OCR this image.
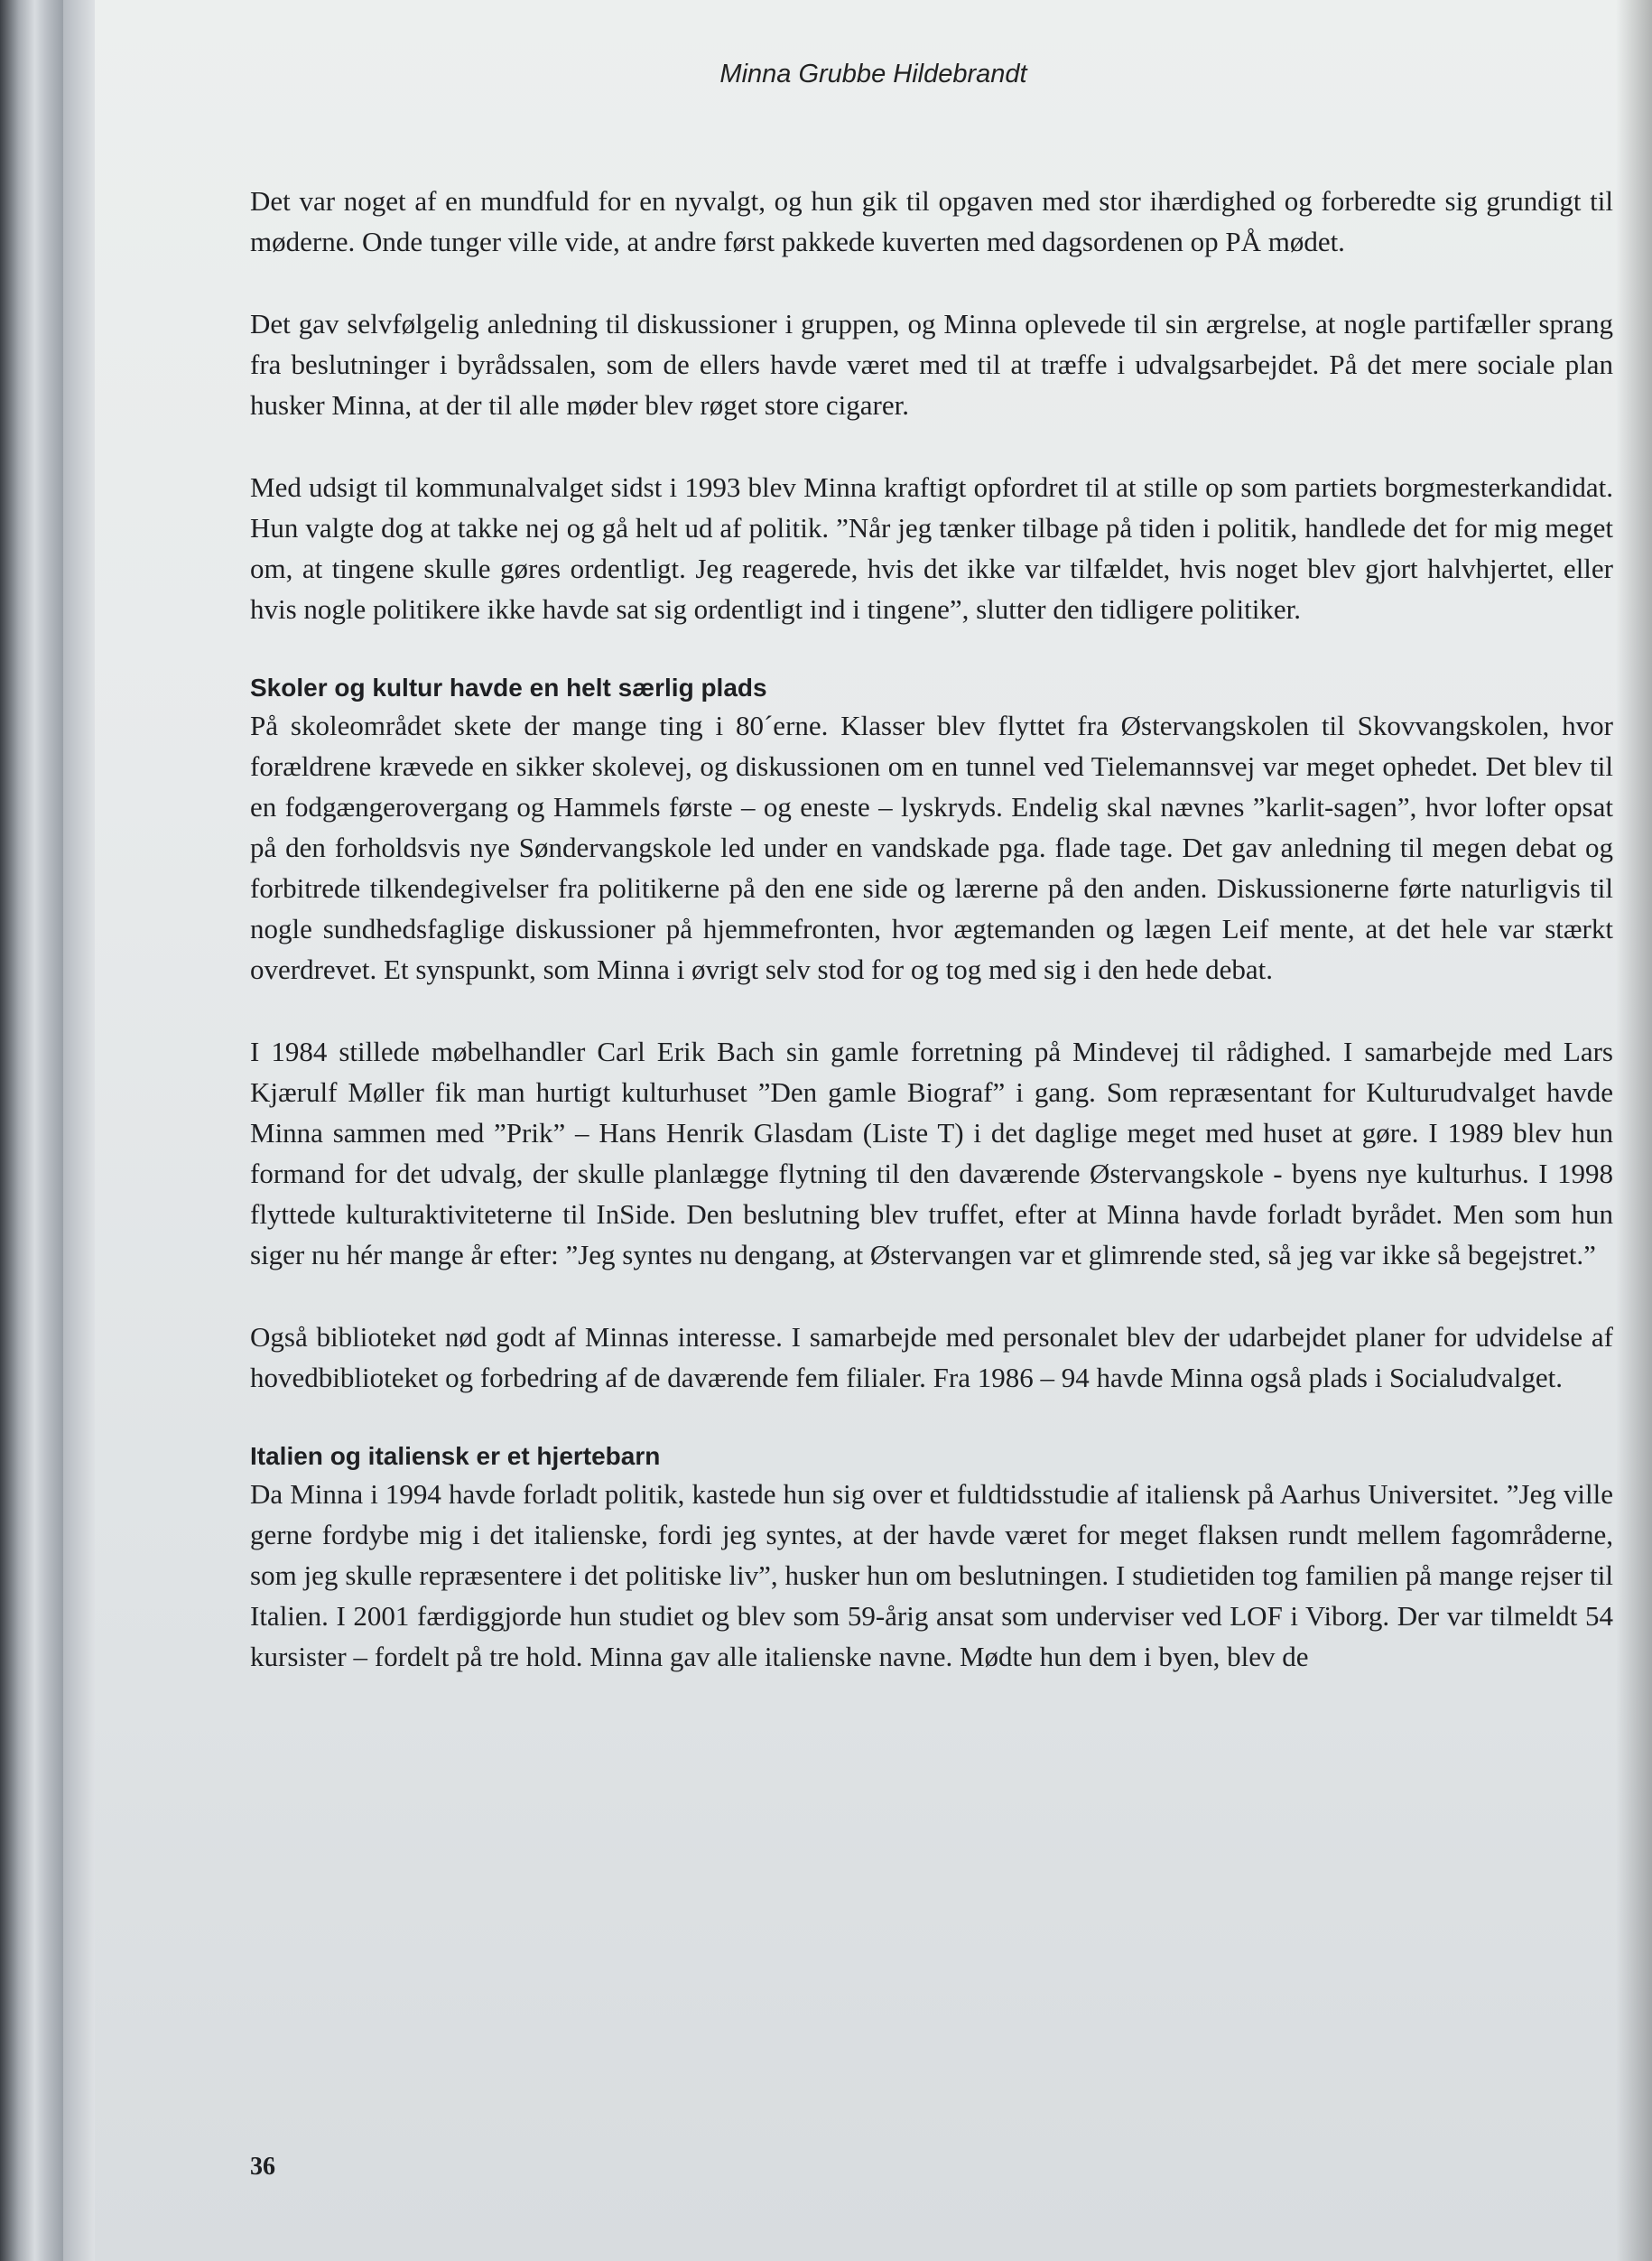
Minna Grubbe Hildebrandt

Det var noget af en mundfuld for en nyvalgt, og hun gik til opgaven med stor ihærdighed og forberedte sig grundigt til møderne. Onde tunger ville vide, at andre først pakkede kuverten med dagsordenen op PÅ mødet.

Det gav selvfølgelig anledning til diskussioner i gruppen, og Minna oplevede til sin ærgrelse, at nogle partifæller sprang fra beslutninger i byrådssalen, som de ellers havde været med til at træffe i udvalgsarbejdet. På det mere sociale plan husker Minna, at der til alle møder blev røget store cigarer.

Med udsigt til kommunalvalget sidst i 1993 blev Minna kraftigt opfordret til at stille op som partiets borgmesterkandidat. Hun valgte dog at takke nej og gå helt ud af politik. ”Når jeg tænker tilbage på tiden i politik, handlede det for mig meget om, at tingene skulle gøres ordentligt. Jeg reagerede, hvis det ikke var tilfældet, hvis noget blev gjort halvhjertet, eller hvis nogle politikere ikke havde sat sig ordentligt ind i tingene”, slutter den tidligere politiker.

Skoler og kultur havde en helt særlig plads

På skoleområdet skete der mange ting i 80´erne. Klasser blev flyttet fra Østervangskolen til Skovvangskolen, hvor forældrene krævede en sikker skolevej, og diskussionen om en tunnel ved Tielemannsvej var meget ophedet. Det blev til en fodgængerovergang og Hammels første – og eneste – lyskryds. Endelig skal nævnes ”karlit-sagen”, hvor lofter opsat på den forholdsvis nye Søndervangskole led under en vandskade pga. flade tage. Det gav anledning til megen debat og forbitrede tilkendegivelser fra politikerne på den ene side og lærerne på den anden. Diskussionerne førte naturligvis til nogle sundhedsfaglige diskussioner på hjemmefronten, hvor ægtemanden og lægen Leif mente, at det hele var stærkt overdrevet. Et synspunkt, som Minna i øvrigt selv stod for og tog med sig i den hede debat.

I 1984 stillede møbelhandler Carl Erik Bach sin gamle forretning på Mindevej til rådighed. I samarbejde med Lars Kjærulf Møller fik man hurtigt kulturhuset ”Den gamle Biograf” i gang. Som repræsentant for Kulturudvalget havde Minna sammen med ”Prik” – Hans Henrik Glasdam (Liste T) i det daglige meget med huset at gøre. I 1989 blev hun formand for det udvalg, der skulle planlægge flytning til den daværende Østervangskole - byens nye kulturhus. I 1998 flyttede kulturaktiviteterne til InSide. Den beslutning blev truffet, efter at Minna havde forladt byrådet. Men som hun siger nu hér mange år efter: ”Jeg syntes nu dengang, at Østervangen var et glimrende sted, så jeg var ikke så begejstret.”

Også biblioteket nød godt af Minnas interesse. I samarbejde med personalet blev der udarbejdet planer for udvidelse af hovedbiblioteket og forbedring af de daværende fem filialer. Fra 1986 – 94 havde Minna også plads i Socialudvalget.

Italien og italiensk er et hjertebarn

Da Minna i 1994 havde forladt politik, kastede hun sig over et fuldtidsstudie af italiensk på Aarhus Universitet. ”Jeg ville gerne fordybe mig i det italienske, fordi jeg syntes, at der havde været for meget flaksen rundt mellem fagområderne, som jeg skulle repræsentere i det politiske liv”, husker hun om beslutningen. I studietiden tog familien på mange rejser til Italien. I 2001 færdiggjorde hun studiet og blev som 59-årig ansat som underviser ved LOF i Viborg. Der var tilmeldt 54 kursister – fordelt på tre hold. Minna gav alle italienske navne. Mødte hun dem i byen, blev de

36
